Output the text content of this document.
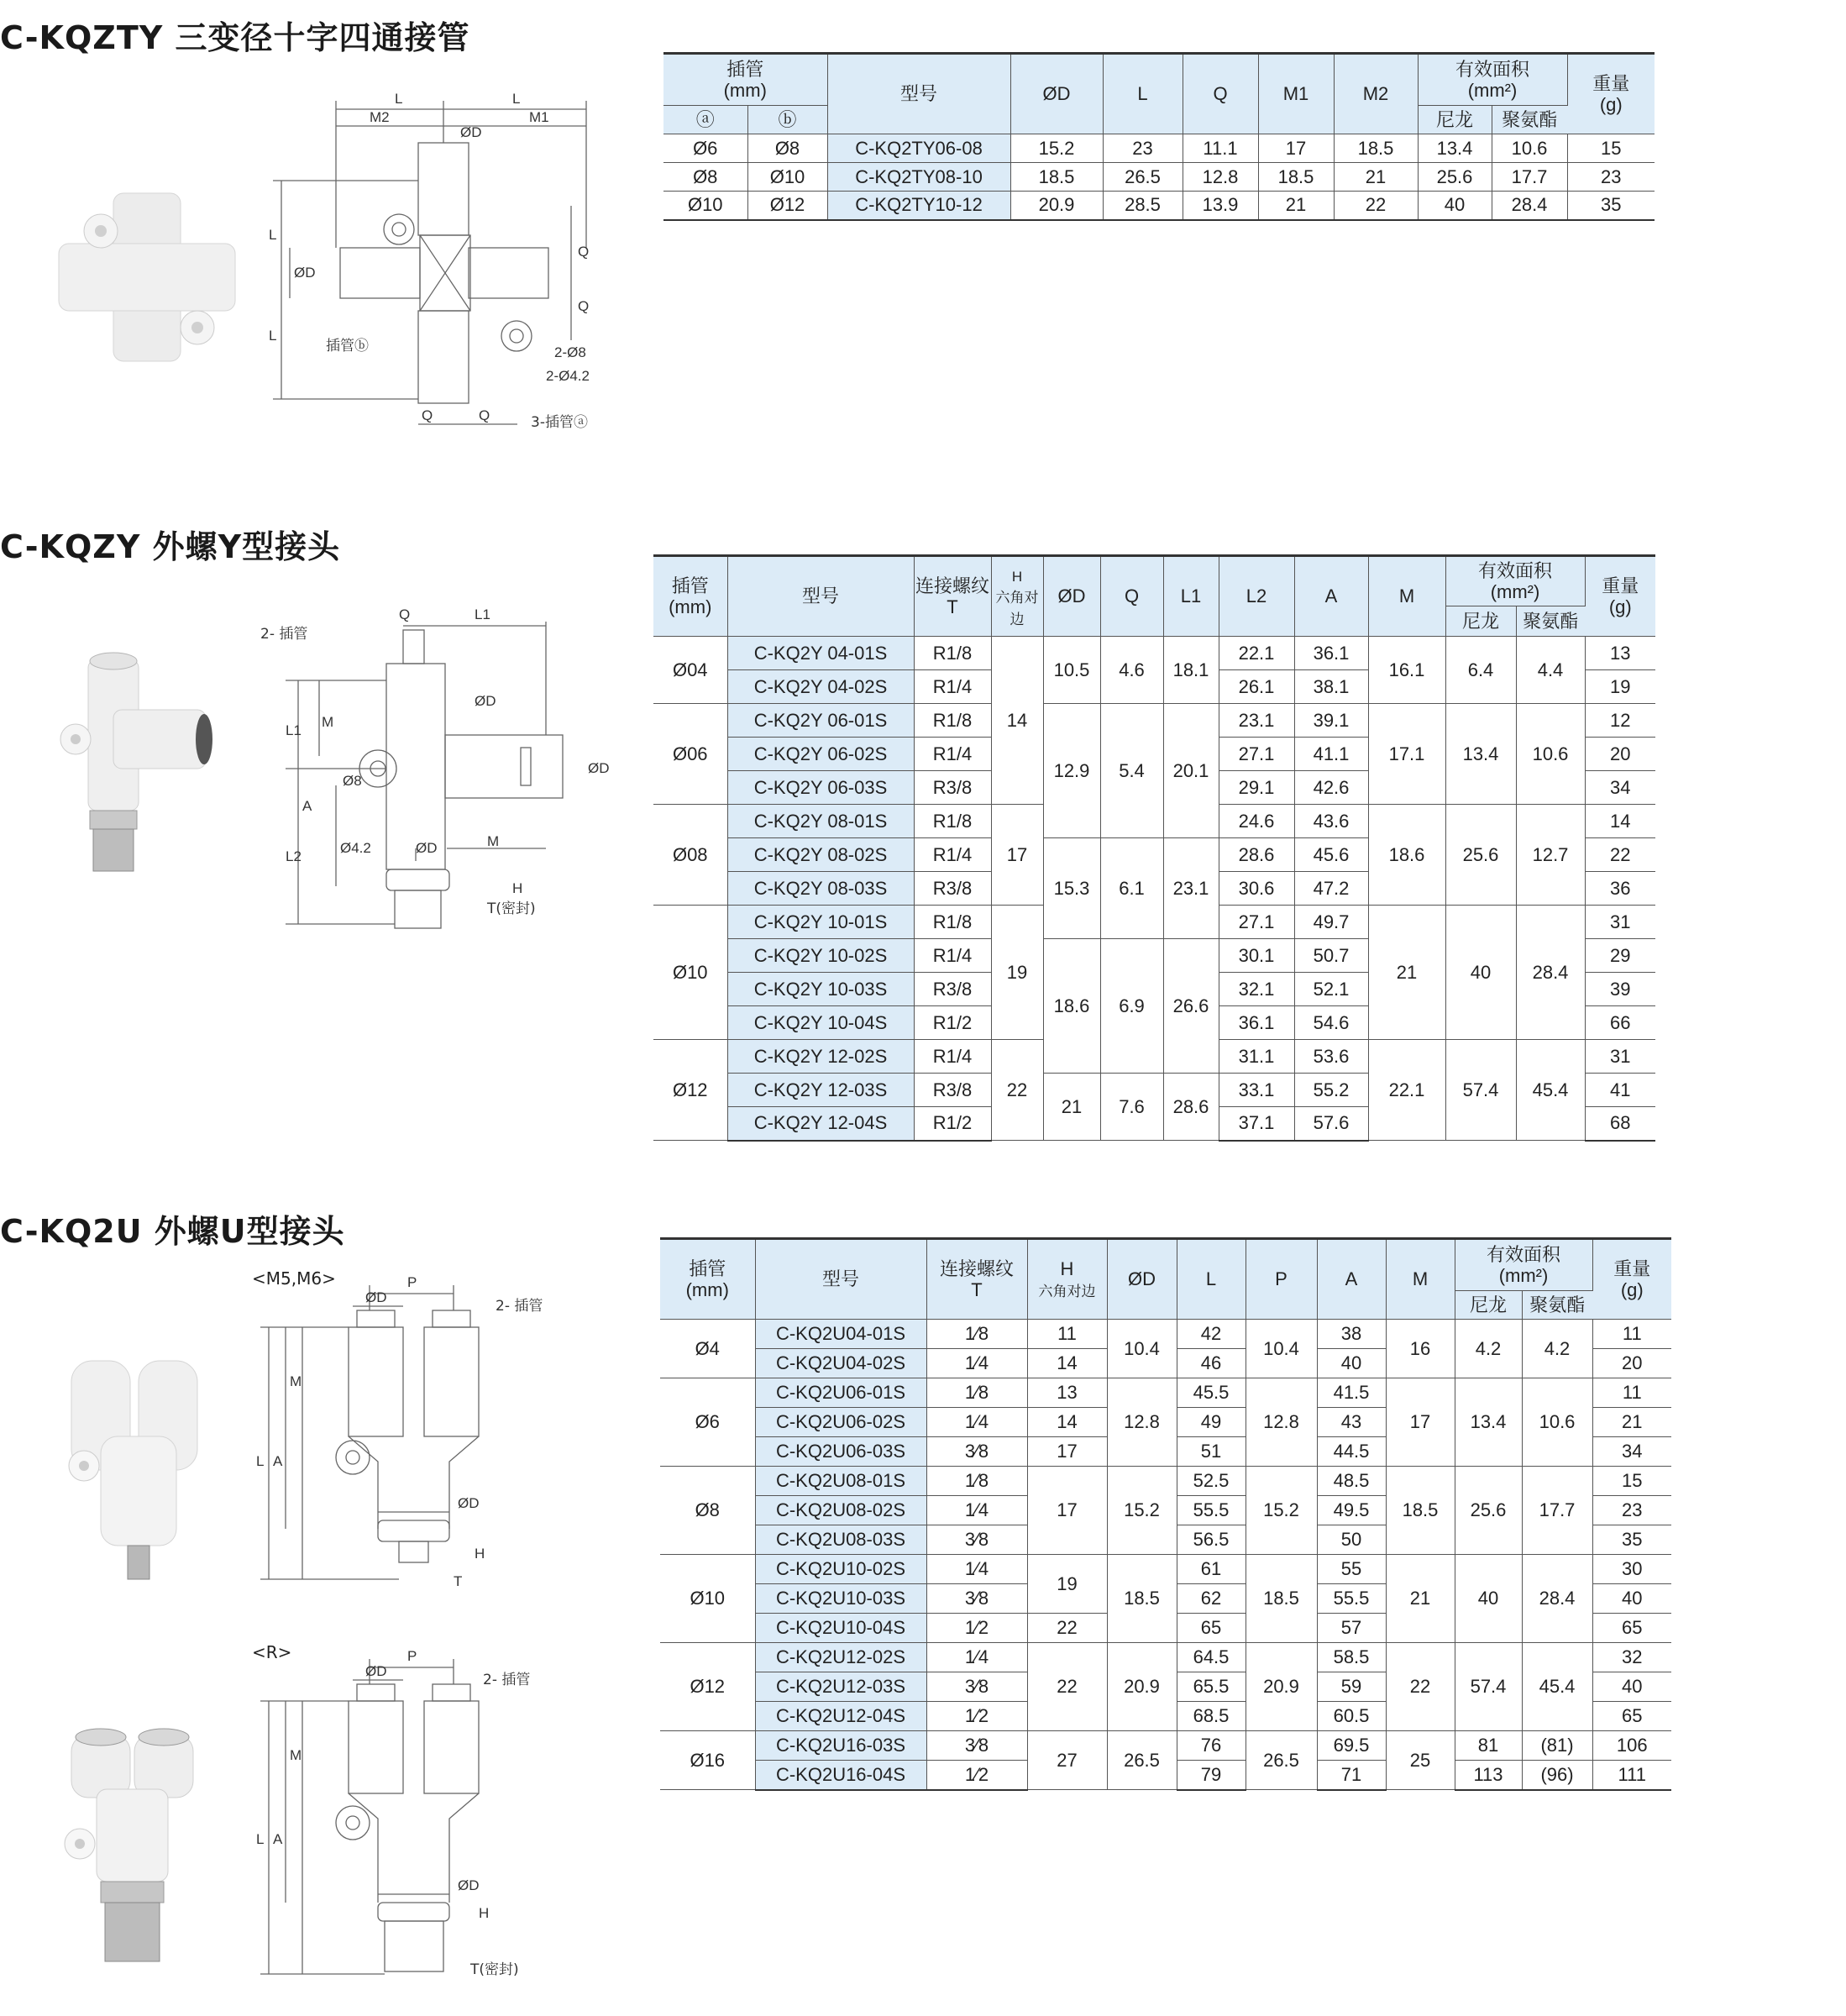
C-KQZTY 三变径十字四通接管
L	L
M2	M1
ØD
ØD
Q
Q
Q	Q
L
L
插管ⓑ	2-Ø8
2-Ø4.2
3-插管ⓐ
插管
(mm)		型号	ØD	L	Q	M1	M2	有效面积
(mm²)		重量
(g)
ⓐ	ⓑ							尼龙	聚氨酯	
Ø6	Ø8	C-KQ2TY06-08	15.2	23	11.1	17	18.5	13.4	10.6	15
Ø8	Ø10	C-KQ2TY08-10	18.5	26.5	12.8	18.5	21	25.6	17.7	23
Ø10	Ø12	C-KQ2TY10-12	20.9	28.5	13.9	21	22	40	28.4	35
C-KQZY 外螺Y型接头
Q	L1
2- 插管
ØD
ØD
L1
M
Ø8
A
Ø4.2	ØD	M
L2
H
T(密封)
插管
(mm)	型号	连接螺纹
T	H
六角对边	ØD	Q	L1	L2	A	M	有效面积
(mm²)		重量
(g)
										尼龙	聚氨酯	
Ø04	C-KQ2Y 04-01S	R1/8	14	10.5	4.6	18.1	22.1	36.1	16.1	6.4	4.4	13
	C-KQ2Y 04-02S	R1/4					26.1	38.1				19
Ø06	C-KQ2Y 06-01S	R1/8		12.9	5.4	20.1	23.1	39.1	17.1	13.4	10.6	12
	C-KQ2Y 06-02S	R1/4					27.1	41.1				20
	C-KQ2Y 06-03S	R3/8					29.1	42.6				34
Ø08	C-KQ2Y 08-01S	R1/8	17				24.6	43.6	18.6	25.6	12.7	14
	C-KQ2Y 08-02S	R1/4		15.3	6.1	23.1	28.6	45.6				22
	C-KQ2Y 08-03S	R3/8					30.6	47.2				36
Ø10	C-KQ2Y 10-01S	R1/8	19				27.1	49.7	21	40	28.4	31
	C-KQ2Y 10-02S	R1/4		18.6	6.9	26.6	30.1	50.7				29
	C-KQ2Y 10-03S	R3/8					32.1	52.1				39
	C-KQ2Y 10-04S	R1/2					36.1	54.6				66
Ø12	C-KQ2Y 12-02S	R1/4	22				31.1	53.6	22.1	57.4	45.4	31
	C-KQ2Y 12-03S	R3/8		21	7.6	28.6	33.1	55.2				41
	C-KQ2Y 12-04S	R1/2					37.1	57.6				68
C-KQ2U 外螺U型接头
<M5,M6>
<R>
P
2- 插管
ØD
M
L A
ØD
H
T
P
2- 插管
ØD
M
L A
ØD
H
T(密封)
插管
(mm)	型号	连接螺纹
T	H
六角对边	ØD	L	P	A	M	有效面积
(mm²)		重量
(g)
									尼龙	聚氨酯	
Ø4	C-KQ2U04-01S	1⁄8	11	10.4	42	10.4	38	16	4.2	4.2	11
	C-KQ2U04-02S	1⁄4	14		46		40				20
Ø6	C-KQ2U06-01S	1⁄8	13	12.8	45.5	12.8	41.5	17	13.4	10.6	11
	C-KQ2U06-02S	1⁄4	14		49		43				21
	C-KQ2U06-03S	3⁄8	17		51		44.5				34
Ø8	C-KQ2U08-01S	1⁄8	17	15.2	52.5	15.2	48.5	18.5	25.6	17.7	15
	C-KQ2U08-02S	1⁄4			55.5		49.5				23
	C-KQ2U08-03S	3⁄8			56.5		50				35
Ø10	C-KQ2U10-02S	1⁄4	19	18.5	61	18.5	55	21	40	28.4	30
	C-KQ2U10-03S	3⁄8			62		55.5				40
	C-KQ2U10-04S	1⁄2	22		65		57				65
Ø12	C-KQ2U12-02S	1⁄4	22	20.9	64.5	20.9	58.5	22	57.4	45.4	32
	C-KQ2U12-03S	3⁄8			65.5		59				40
	C-KQ2U12-04S	1⁄2			68.5		60.5				65
Ø16	C-KQ2U16-03S	3⁄8	27	26.5	76	26.5	69.5	25	81	(81)	106
	C-KQ2U16-04S	1⁄2			79		71		113	(96)	111
